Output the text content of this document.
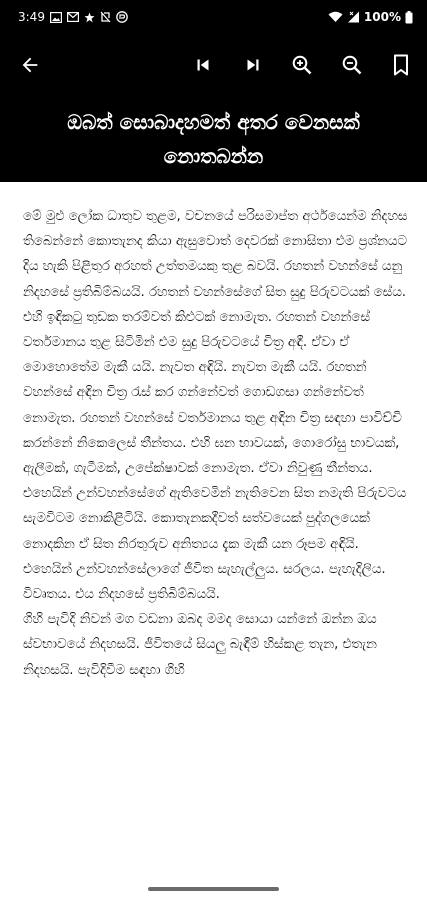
3:49	100%
ඔබත් සොබාදහමත් අතර වෙනසක් නොතබන්න

මේ මුළු ලෝක ධාතුව තුළම, වචනයේ පරිසමාප්ත අර්ථයෙන්ම නිදහස තිබෙන්නේ කොතැනද කියා ඇසුවොත් දෙවරක් නොසිතා එම ප්‍රශ්නයට දිය හැකි පිළිතුර අරහත් උත්තමයකු තුළ බවයි. රහතන් වහන්සේ යනු නිදහසේ ප්‍රතිබිම්බයයි. රහතන් වහන්සේගේ සිත සුදු පිරුවටයක් සේය. එහි ඉඳිකටු තුඩක තරම්වත් කිළුටක් නොමැත. රහතන් වහන්සේ වර්තමානය තුළ සිටිමින් එම සුදු පිරුවටයේ චිත්‍ර අඳී. ඒවා ඒ මොහොතේම මැකී යයි. නැවත අඳියි. නැවත මැකී යයි. රහතන් වහන්සේ අඳින චිත්‍ර රැස් කර ගන්නේවත් ගොඩගසා ගන්නේවත් නොමැත. රහතන් වහන්සේ වර්තමානය තුළ අඳින චිත්‍ර සඳහා පාවිච්චි කරන්නේ නිකෙලෙස් තීන්තය. එහි ඝන භාවයක්, ගොරෝසු භාවයක්, ඇලීමක්, ගැටීමක්, උපේක්ෂාවක් නොමැත. ඒවා නිවුණු තීන්තය. එහෙයින් උන්වහන්සේගේ ඇතිවෙමින් නැතිවෙන සිත නමැති පිරුවටය සැමවිටම නොකිළිටියි. කොතැනකදීවත් සත්වයෙක් පුද්ගලයෙක් නොදකින ඒ සිත නිරතුරුව අනිත්‍යය දැක මැකී යන රූපම අඳියි. එහෙයින් උන්වහන්සේලාගේ ජීවිත සැහැල්ලුය. සරලය. පැහැදිලිය. විවෘතය. එය නිදහසේ ප්‍රතිබිම්බයයි.

ගිහි පැවිදි නිවන් මග වඩනා ඔබද මමද සොයා යන්නේ ඔන්න ඔය ස්වභාවයේ නිදහසයි. ජීවිතයේ සියලු බැඳීම් හිස්කළ තැන, එතැන නිදහසයි. පැවිදිවීම සඳහා ගිහි
